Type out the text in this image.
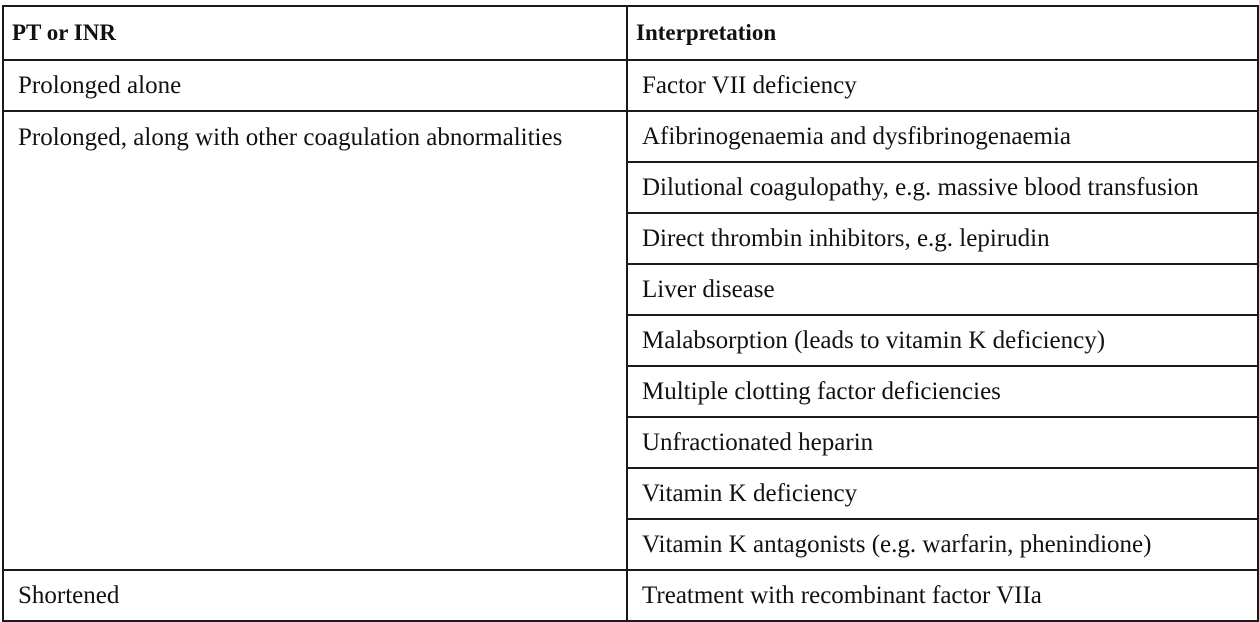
PT or INR	Interpretation
Prolonged alone	Factor VII deficiency
Prolonged, along with other coagulation abnormalities	Afibrinogenaemia and dysfibrinogenaemia
	Dilutional coagulopathy, e.g. massive blood transfusion
	Direct thrombin inhibitors, e.g. lepirudin
	Liver disease
	Malabsorption (leads to vitamin K deficiency)
	Multiple clotting factor deficiencies
	Unfractionated heparin
	Vitamin K deficiency
	Vitamin K antagonists (e.g. warfarin, phenindione)
Shortened	Treatment with recombinant factor VIIa
